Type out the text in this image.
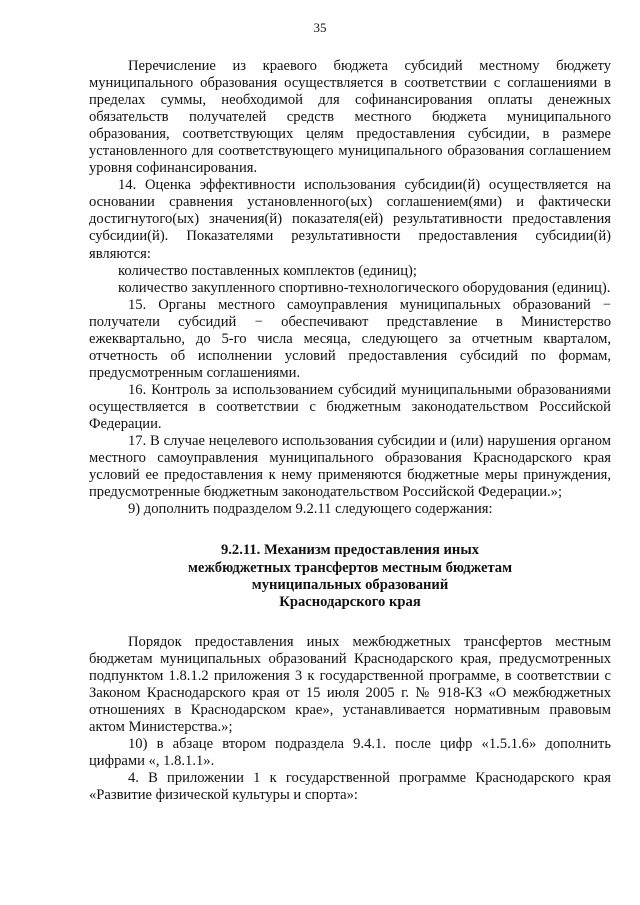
35

Перечисление из краевого бюджета субсидий местному бюджету муниципального образования осуществляется в соответствии с соглашениями в пределах суммы, необходимой для софинансирования оплаты денежных обязательств получателей средств местного бюджета муниципального образования, соответствующих целям предоставления субсидии, в размере установленного для соответствующего муниципального образования соглашением уровня софинансирования.

14. Оценка эффективности использования субсидии(й) осуществляется на основании сравнения установленного(ых) соглашением(ями) и фактически достигнутого(ых) значения(й) показателя(ей) результативности предоставления субсидии(й). Показателями результативности предоставления субсидии(й) являются:

количество поставленных комплектов (единиц);

количество закупленного спортивно-технологического оборудования (единиц).

15. Органы местного самоуправления муниципальных образований − получатели субсидий − обеспечивают представление в Министерство ежеквартально, до 5-го числа месяца, следующего за отчетным кварталом, отчетность об исполнении условий предоставления субсидий по формам, предусмотренным соглашениями.

16. Контроль за использованием субсидий муниципальными образованиями осуществляется в соответствии с бюджетным законодательством Российской Федерации.

17. В случае нецелевого использования субсидии и (или) нарушения органом местного самоуправления муниципального образования Краснодарского края условий ее предоставления к нему применяются бюджетные меры принуждения, предусмотренные бюджетным законодательством Российской Федерации.»;

9) дополнить подразделом 9.2.11 следующего содержания:

9.2.11. Механизм предоставления иных

межбюджетных трансфертов местным бюджетам

муниципальных образований

Краснодарского края

Порядок предоставления иных межбюджетных трансфертов местным бюджетам муниципальных образований Краснодарского края, предусмотренных подпунктом 1.8.1.2 приложения 3 к государственной программе, в соответствии с Законом Краснодарского края от 15 июля 2005 г. № 918-КЗ «О межбюджетных отношениях в Краснодарском крае», устанавливается нормативным правовым актом Министерства.»;

10) в абзаце втором подраздела 9.4.1. после цифр «1.5.1.6» дополнить цифрами «, 1.8.1.1».

4. В приложении 1 к государственной программе Краснодарского края «Развитие физической культуры и спорта»:
